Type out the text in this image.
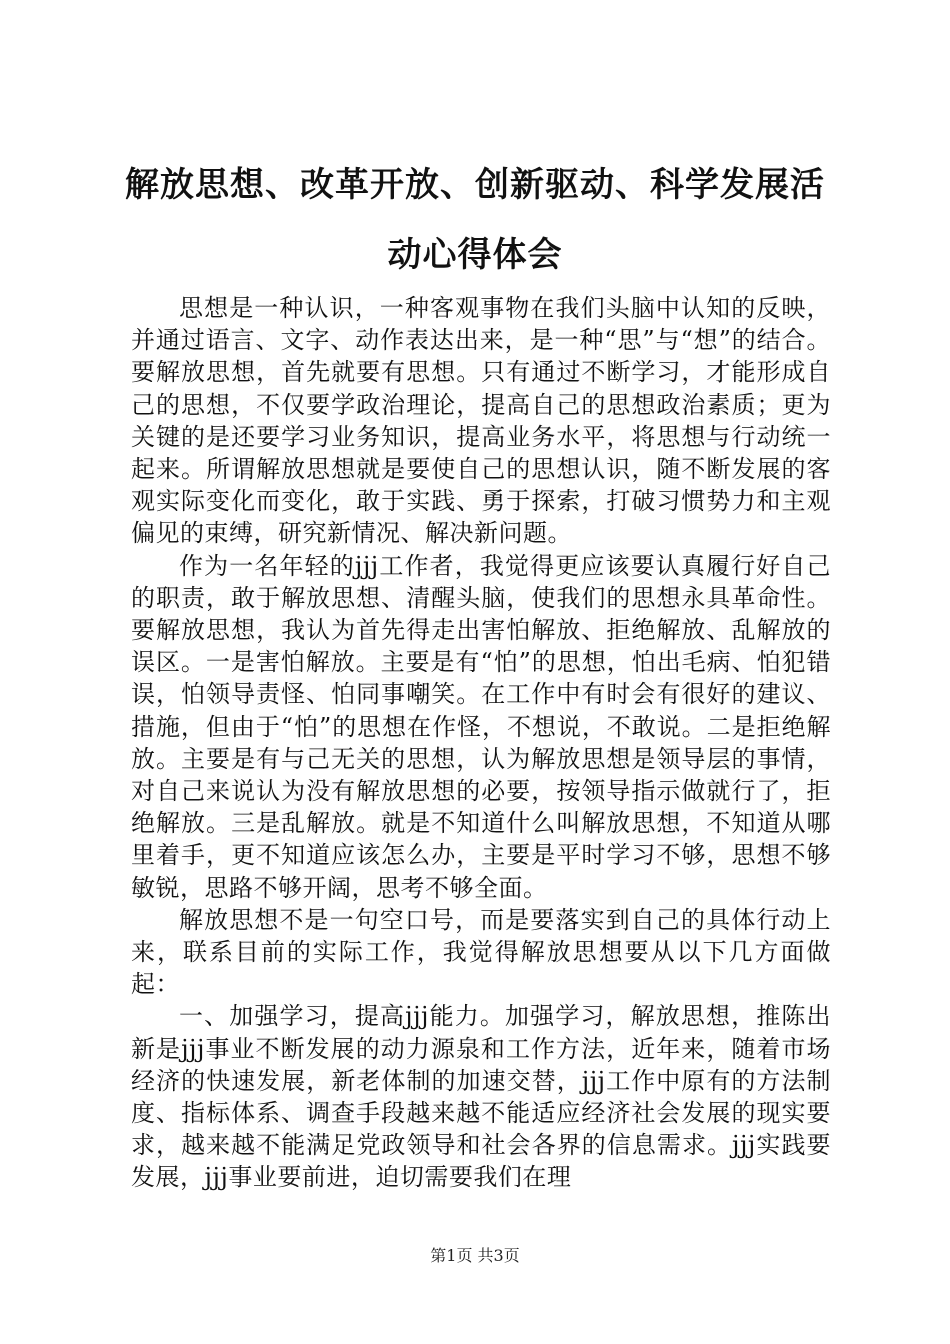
解放思想、改革开放、创新驱动、科学发展活动心得体会

思想是一种认识，一种客观事物在我们头脑中认知的反映，并通过语言、文字、动作表达出来，是一种“思”与“想”的结合。要解放思想，首先就要有思想。只有通过不断学习，才能形成自己的思想，不仅要学政治理论，提高自己的思想政治素质；更为关键的是还要学习业务知识，提高业务水平，将思想与行动统一起来。所谓解放思想就是要使自己的思想认识，随不断发展的客观实际变化而变化，敢于实践、勇于探索，打破习惯势力和主观偏见的束缚，研究新情况、解决新问题。

作为一名年轻的jjj工作者，我觉得更应该要认真履行好自己的职责，敢于解放思想、清醒头脑，使我们的思想永具革命性。要解放思想，我认为首先得走出害怕解放、拒绝解放、乱解放的误区。一是害怕解放。主要是有“怕”的思想，怕出毛病、怕犯错误，怕领导责怪、怕同事嘲笑。在工作中有时会有很好的建议、措施，但由于“怕”的思想在作怪，不想说，不敢说。二是拒绝解放。主要是有与己无关的思想，认为解放思想是领导层的事情，对自己来说认为没有解放思想的必要，按领导指示做就行了，拒绝解放。三是乱解放。就是不知道什么叫解放思想，不知道从哪里着手，更不知道应该怎么办，主要是平时学习不够，思想不够敏锐，思路不够开阔，思考不够全面。

解放思想不是一句空口号，而是要落实到自己的具体行动上来，联系目前的实际工作，我觉得解放思想要从以下几方面做起：

一、加强学习，提高jjj能力。加强学习，解放思想，推陈出新是jjj事业不断发展的动力源泉和工作方法，近年来，随着市场经济的快速发展，新老体制的加速交替，jjj工作中原有的方法制度、指标体系、调查手段越来越不能适应经济社会发展的现实要求，越来越不能满足党政领导和社会各界的信息需求。jjj实践要发展，jjj事业要前进，迫切需要我们在理

第1页 共3页
